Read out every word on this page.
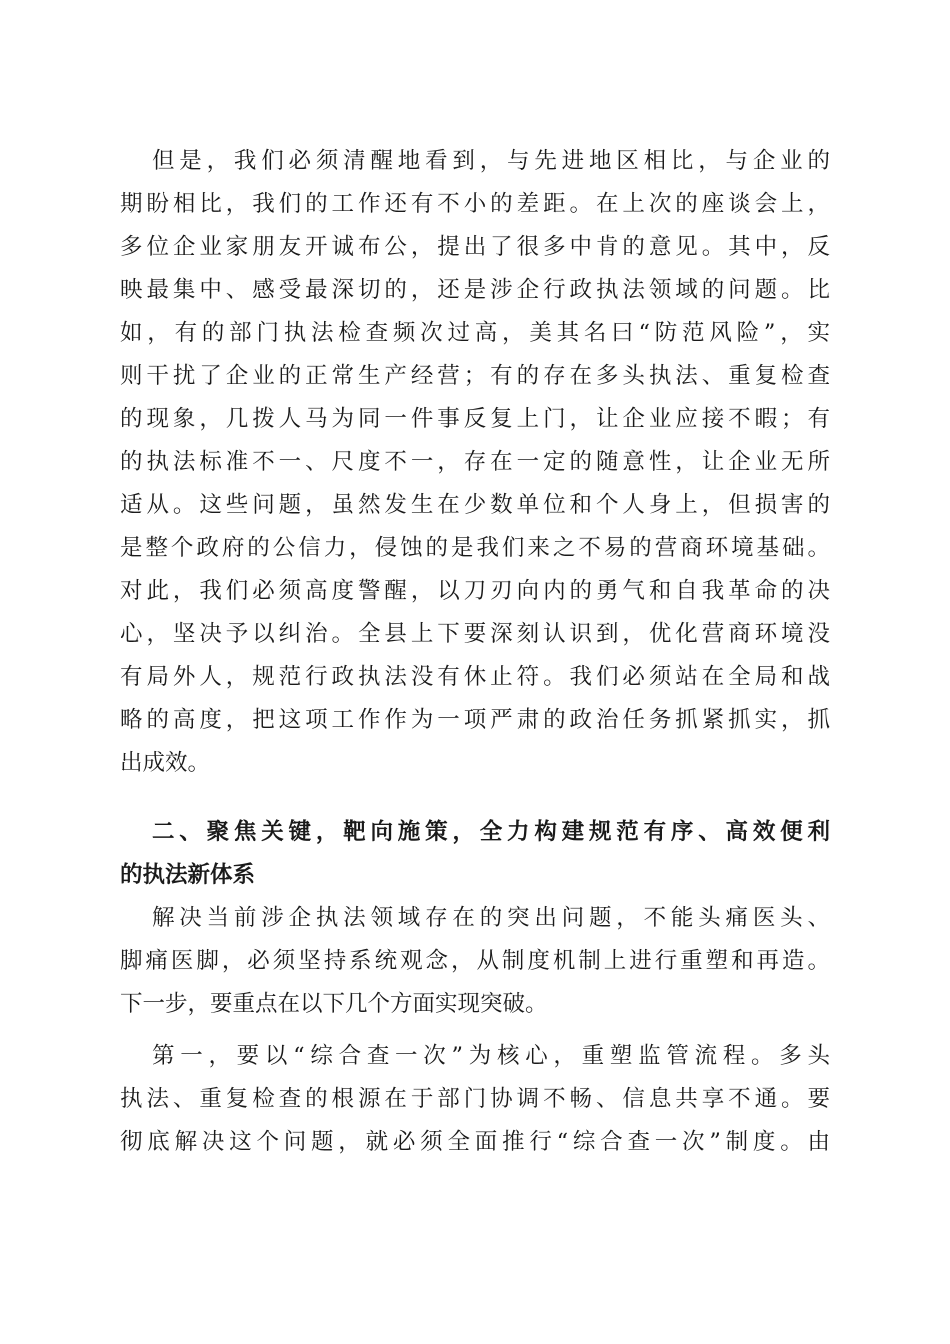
但是，我们必须清醒地看到，与先进地区相比，与企业的
期盼相比，我们的工作还有不小的差距。在上次的座谈会上，
多位企业家朋友开诚布公，提出了很多中肯的意见。其中，反
映最集中、感受最深切的，还是涉企行政执法领域的问题。比
如，有的部门执法检查频次过高，美其名曰“防范风险”，实
则干扰了企业的正常生产经营；有的存在多头执法、重复检查
的现象，几拨人马为同一件事反复上门，让企业应接不暇；有
的执法标准不一、尺度不一，存在一定的随意性，让企业无所
适从。这些问题，虽然发生在少数单位和个人身上，但损害的
是整个政府的公信力，侵蚀的是我们来之不易的营商环境基础。
对此，我们必须高度警醒，以刀刃向内的勇气和自我革命的决
心，坚决予以纠治。全县上下要深刻认识到，优化营商环境没
有局外人，规范行政执法没有休止符。我们必须站在全局和战
略的高度，把这项工作作为一项严肃的政治任务抓紧抓实，抓
出成效。
二、聚焦关键，靶向施策，全力构建规范有序、高效便利
的执法新体系
解决当前涉企执法领域存在的突出问题，不能头痛医头、
脚痛医脚，必须坚持系统观念，从制度机制上进行重塑和再造。
下一步，要重点在以下几个方面实现突破。
第一，要以“综合查一次”为核心，重塑监管流程。多头
执法、重复检查的根源在于部门协调不畅、信息共享不通。要
彻底解决这个问题，就必须全面推行“综合查一次”制度。由
